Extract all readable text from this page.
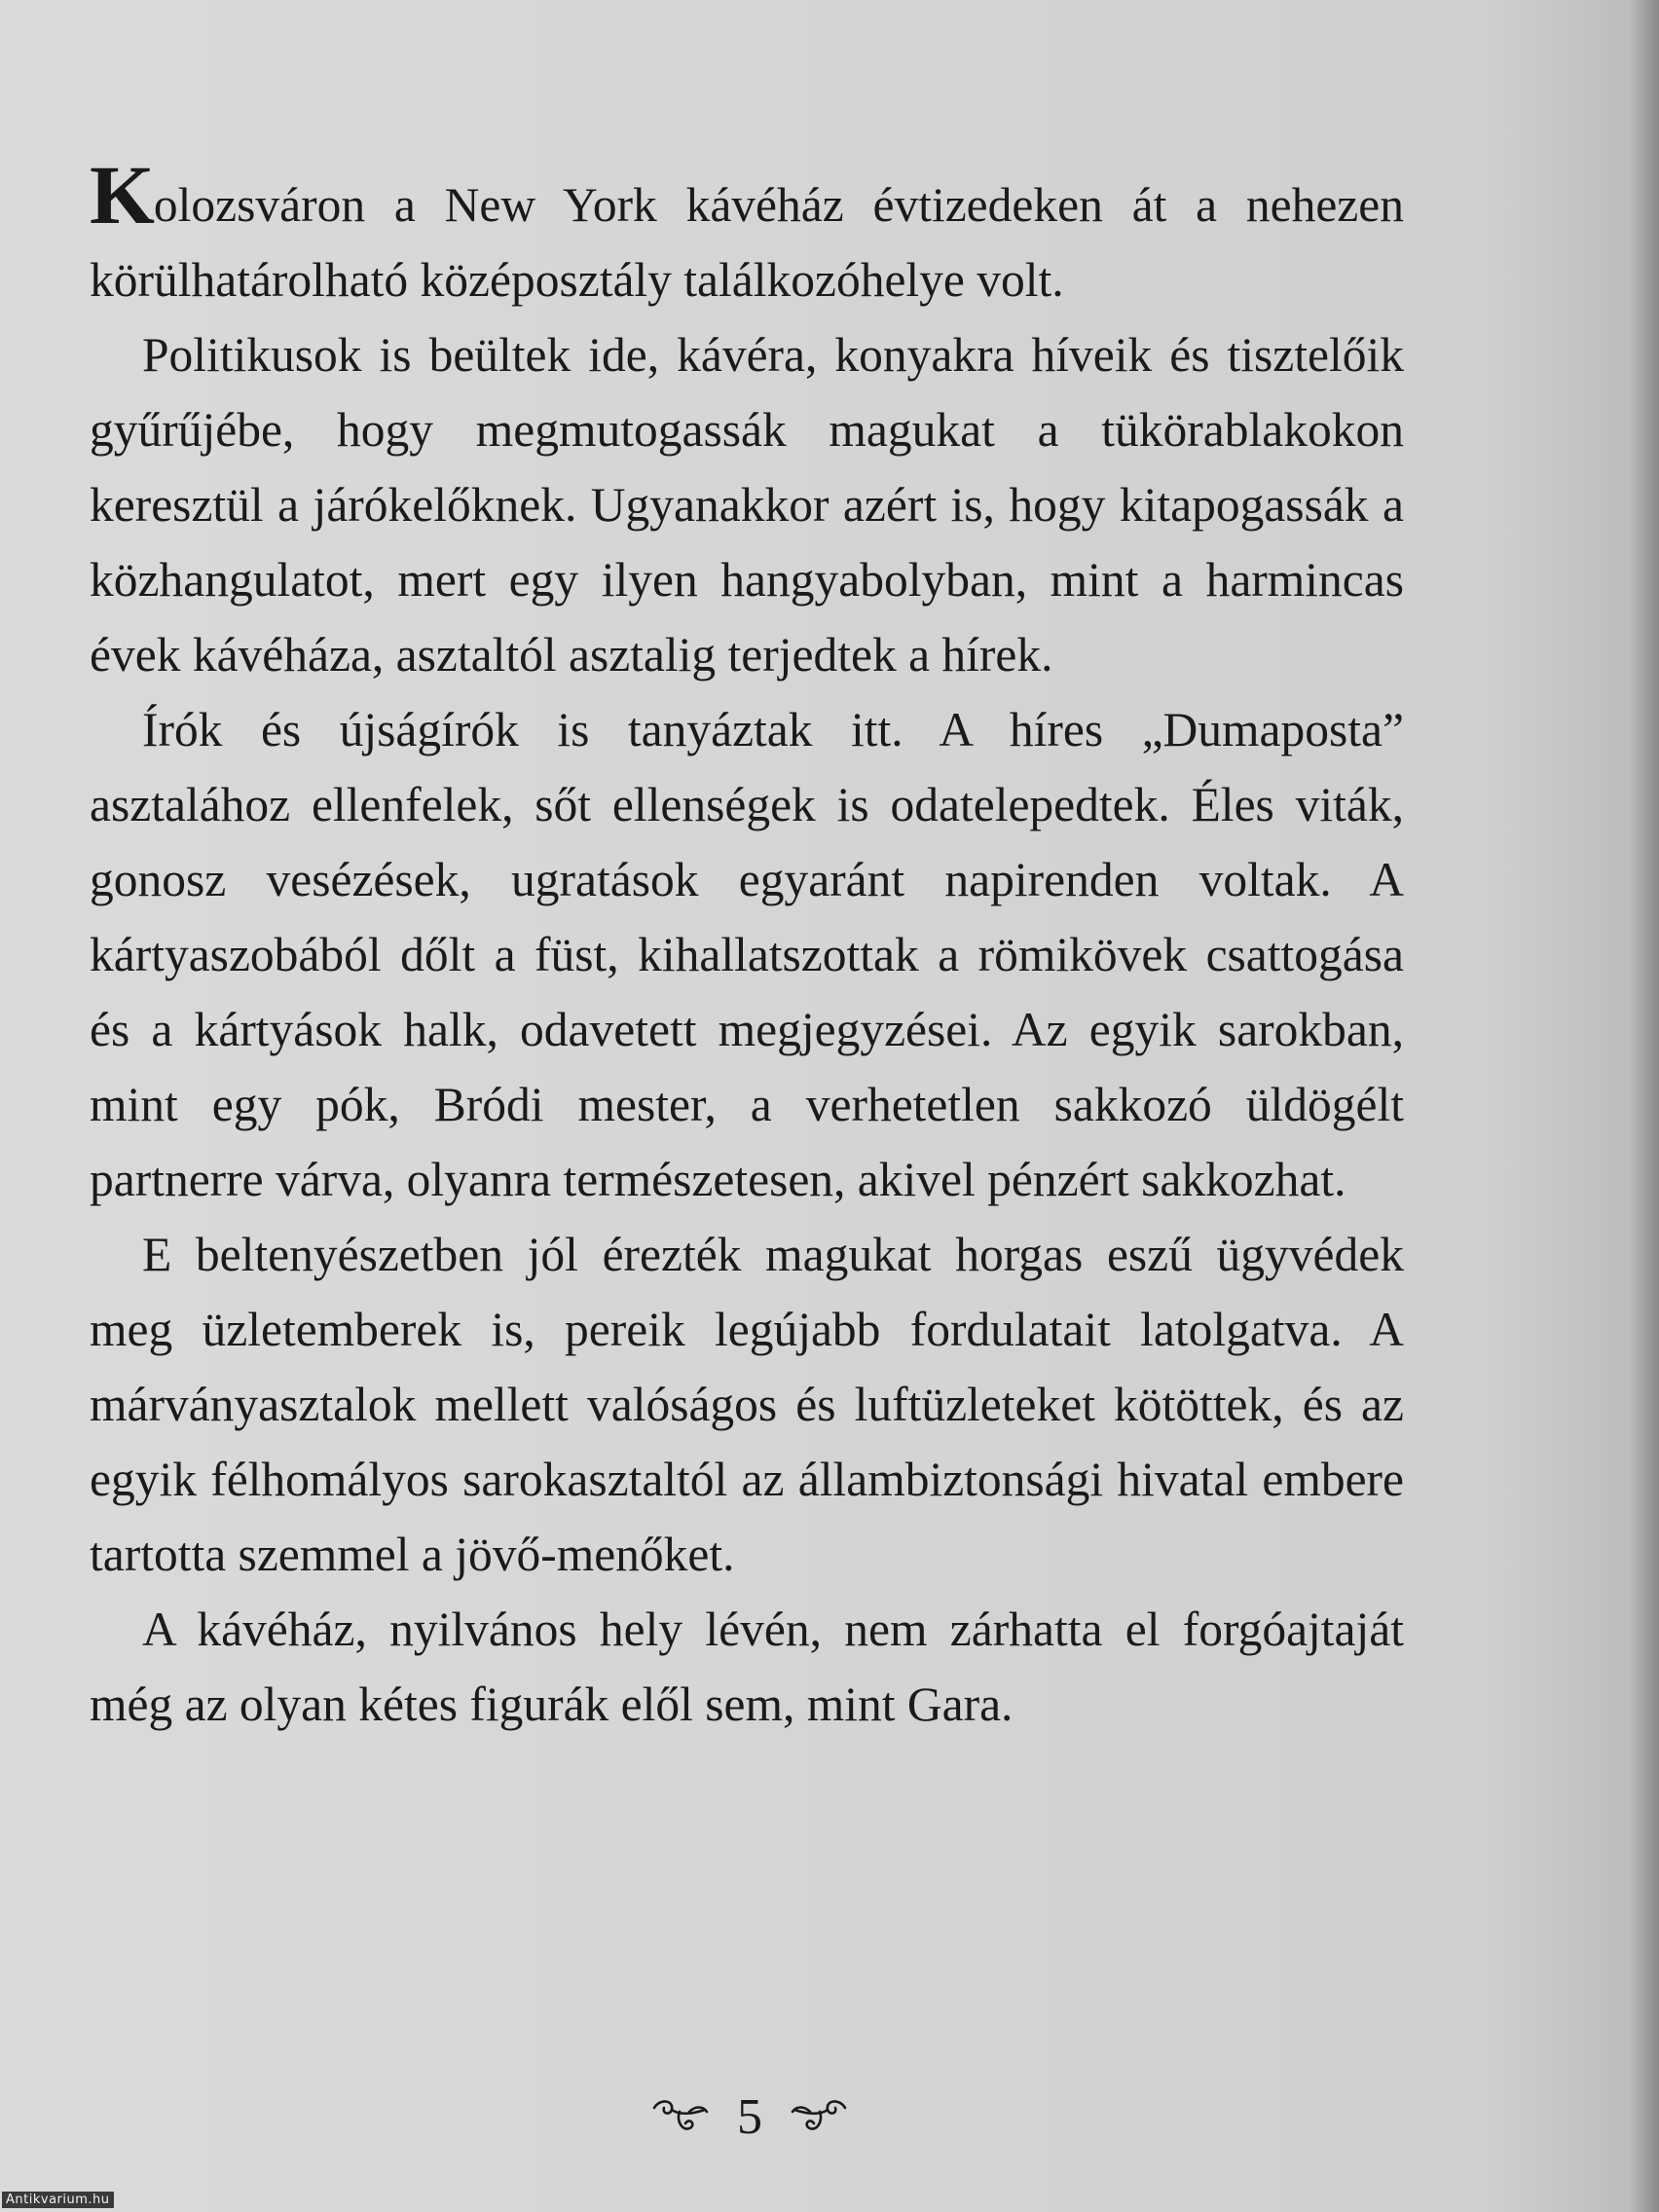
Kolozsváron a New York kávéház évtizedeken át a nehezen körülhatárolható középosztály találkozóhelye volt.

Politikusok is beültek ide, kávéra, konyakra híveik és tisztelőik gyűrűjébe, hogy megmutogassák magukat a tükörablakokon keresztül a járókelőknek. Ugyanakkor azért is, hogy kitapogassák a közhangulatot, mert egy ilyen hangyabolyban, mint a harmincas évek kávéháza, asztaltól asztalig terjedtek a hírek.

Írók és újságírók is tanyáztak itt. A híres „Dumaposta” asztalához ellenfelek, sőt ellenségek is odatelepedtek. Éles viták, gonosz vesézések, ugratások egyaránt napirenden voltak. A kártyaszobából dőlt a füst, kihallatszottak a römikövek csattogása és a kártyások halk, odavetett megjegyzései. Az egyik sarokban, mint egy pók, Bródi mester, a verhetetlen sakkozó üldögélt partnerre várva, olyanra természetesen, akivel pénzért sakkozhat.

E beltenyészetben jól érezték magukat horgas eszű ügyvédek meg üzletemberek is, pereik legújabb fordulatait latolgatva. A márványasztalok mellett valóságos és luftüzleteket kötöttek, és az egyik félhomályos sarokasztaltól az állambiztonsági hivatal embere tartotta szemmel a jövő-menőket.

A kávéház, nyilvános hely lévén, nem zárhatta el forgóajtaját még az olyan kétes figurák elől sem, mint Gara.

5
Antikvarium.hu
